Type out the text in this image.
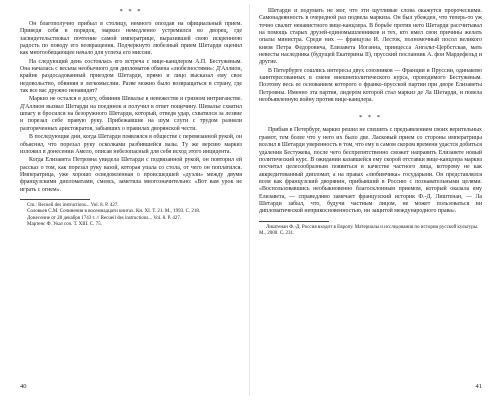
* * *

Он благополучно прибыл в столицу, немного опоздав на официальный прием. Приведя себя в порядок, маркиз немедленно устремился во дворец, где засвидетельствовал почтение самой императрице, выразившей свою искреннюю радость по поводу его возвращения. Подчеркнуто любезный прием Шетарди оценил как многообещающее начало для успеха его миссии.

На следующий день состоялась его встреча с вице-канцлером А.П. Бестужевым. Она началась с весьма необычного для дипломатов обмена «любезностями»: Д'Аллион, крайне раздосадованный приездом Шетарди, прямо и лицо высказал ему свое недовольство, обвиняя в легкомыслии. Разве можно было возвращаться в страну, где так все вас дружно ненавидят?

Маркиз не остался в долгу, обвинив Шевалье в невежестве и грязном интриганстве. Д'Аллион вызвал Шетарди на поединок и получил в ответ пощечину. Шевалье схватил шпагу и бросился на безоружного Шетарди, который, отведя удар, схватился за лезвие и порезал себе правую руку. Прибежавшие на шум слуги с трудом разняли разгоряченных аристократов, забывших о правилах дворянской чести.

В последующие дни, когда Шетарди появлялся в обществе с перевязанной рукой, он объяснял, что порезал руку осколками разбившейся вазы. Ту же версию маркиз изложил в донесении Амело, описав небезопасный для себя исход этого инцидента.

Когда Елизавета Петровна увидела Шетарди с подвязанной рукой, он повторил ей рассказ о том, как порезал руку вазой, которая упала со стола, от чего он поплатился. Императрица, уже хорошо осведомленная о происшедшей «дуэли» между двумя французскими дипломатами, смеясь, заметила многозначительно: «Вот вам урок не играть с огнем».

Сm.: Recueil des instructions... Vol. 8. P. 427.

Соловьев С.М. Сочинения в восемнадцати книгах. Кн. XI. Т. 21. М., 1993. С. 218.

Донесение от 28 декабря 1743 г. // Recueil des instructions... Vol. 8. P. 427.

Мартенс Ф. Указ соч. Т. XIII. С. 75.

40

Шетарди и подумать не мог, что эти щутливые слова окажутся пророческими. Самонадеянность в очередной раз подвела маркиза. Он был убежден, что теперь-то уж точно свалит ненавистного вице-канцлера. В борьбе против него Шетарди рассчитывал на помощь старых друзей-единомышленников и тех, кто имел свои причины желать опалы министра. Среди них — французы И. Лесток, полномочный посол великого князя Петра Федоровича, Елизавета Иоганна, принцесса Ангальт-Цербстская, мать невесты наследника (будущей Екатерины II), прусский посланник А. фон Мардефельд и другие.

В Петербурге сошлись интересы двух союзников — Франции и Пруссии, одинаково заинтересованных в смене внешнеполитического курса, проводимого Бестужевым. Поэтому весь ее основанием которого о франко-прусской партии при дворе Елизаветы Петровны. Именно эта партия, лидером которой стал маркиз де Ла Шетарди, и повела необъявленную войну против вице-канцлера.

* * *

Прибыв в Петербург, маркиз решил не спешить с предъявлением своих верительных грамот, тем более что у него их было две. Ласковый прием со стороны императрицы вселил в Шетарди уверенность в том, что ему в самом скором времени удастся добиться удаления Бестужева, после чего беспрепятственно сможет направить Елизавете новый политический курс. В ожидании казавшейся ему скорой отставки вице-канцлера маркиз посчитал целесообразным появиться в качестве частного лица, которому не как аккредитованный дипломат, а на правах «любимчика» государыни. Он представлялся всем как французский дворянин, прибывший в Россию с познавательными целями. «Воспользовавшись необыкновенно благосклонным приемом, который оказала ему Елизавета, — справедливо замечает французский историк Ф.-Д. Лиштенан, — Ла Шетарди забыл, что, будучи частным лицом, не может пользоваться ни дипломатической неприкосновенностью, ни защитой международного права».

Лиштенан Ф.-Д. Россия входит в Европу. Материалы и исследования по истории русской культуры. М., 2000. С. 231.

41
